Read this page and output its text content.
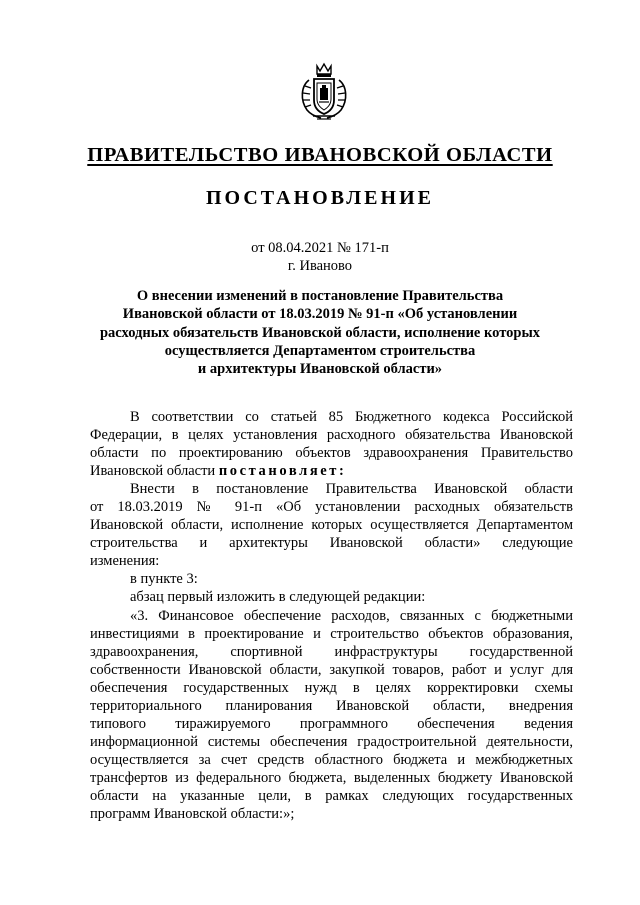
ПРАВИТЕЛЬСТВО ИВАНОВСКОЙ ОБЛАСТИ
ПОСТАНОВЛЕНИЕ
от 08.04.2021 № 171-п
г. Иваново
О внесении изменений в постановление Правительства
Ивановской области от 18.03.2019 № 91-п «Об установлении
расходных обязательств Ивановской области, исполнение которых
осуществляется Департаментом строительства
и архитектуры Ивановской области»
В соответствии со статьей 85 Бюджетного кодекса Российской
Федерации, в целях установления расходного обязательства Ивановской
области по проектированию объектов здравоохранения Правительство
Ивановской области постановляет:
Внести в постановление Правительства Ивановской области
от 18.03.2019 № 91-п «Об установлении расходных обязательств
Ивановской области, исполнение которых осуществляется Департаментом
строительства и архитектуры Ивановской области» следующие
изменения:
в пункте 3:
абзац первый изложить в следующей редакции:
«3. Финансовое обеспечение расходов, связанных с бюджетными
инвестициями в проектирование и строительство объектов образования,
здравоохранения, спортивной инфраструктуры государственной
собственности Ивановской области, закупкой товаров, работ и услуг для
обеспечения государственных нужд в целях корректировки схемы
территориального планирования Ивановской области, внедрения
типового тиражируемого программного обеспечения ведения
информационной системы обеспечения градостроительной деятельности,
осуществляется за счет средств областного бюджета и межбюджетных
трансфертов из федерального бюджета, выделенных бюджету Ивановской
области на указанные цели, в рамках следующих государственных
программ Ивановской области:»;
